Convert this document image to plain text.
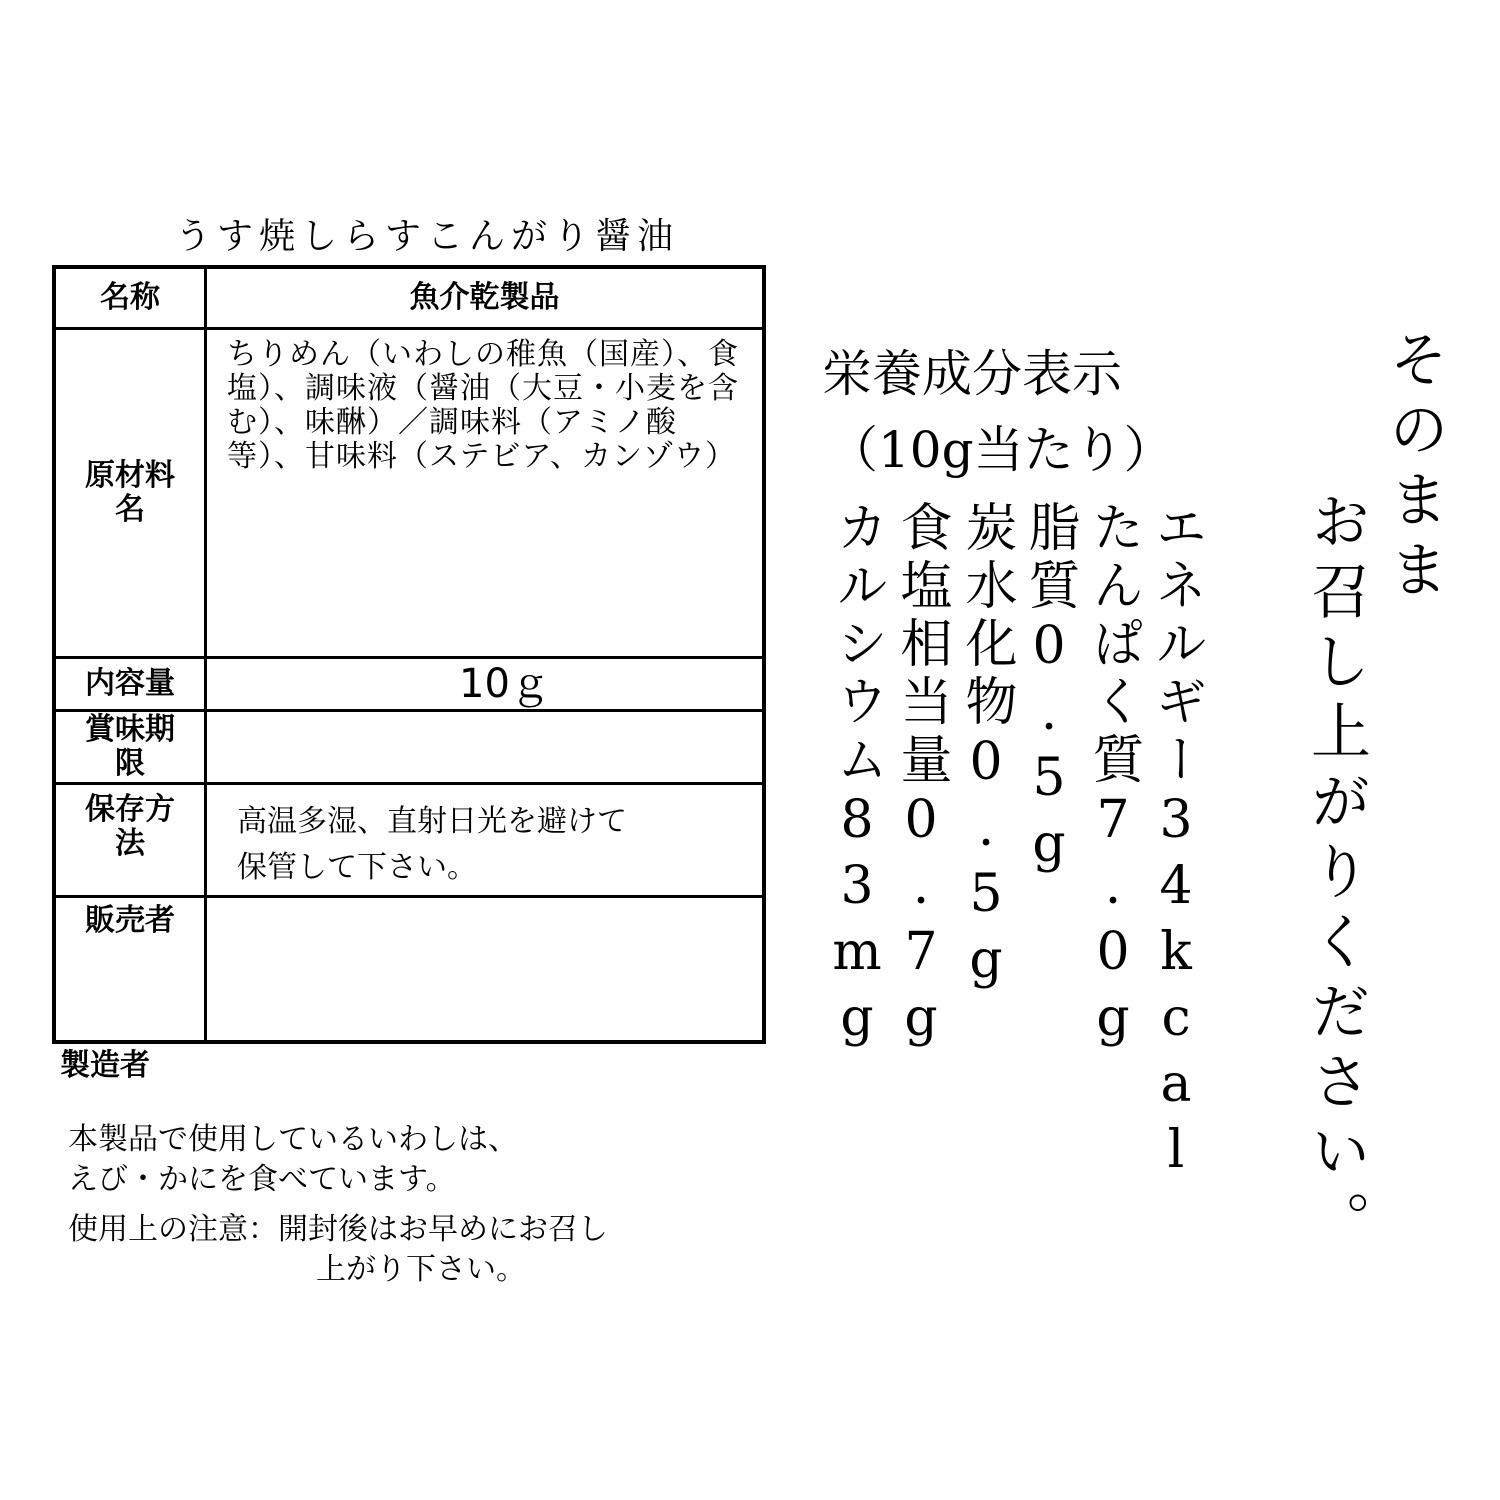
うす焼しらすこんがり醤油
名称	魚介乾製品
原材料名	ちりめん（いわしの稚魚（国産）、食塩）、調味液（醤油（大豆・小麦を含む）、味醂）／調味料（アミノ酸等）、甘味料（ステビア、カンゾウ）
内容量	10ｇ
賞味期限	
保存方法	高温多湿、直射日光を避けて保管して下さい。
販売者	
製造者
本製品で使用しているいわしは、
えび・かにを食べています。
使用上の注意：開封後はお早めにお召し
上がり下さい。
栄養成分表示
（10g当たり）
エネルギー34kcal
たんぱく質7.0g
脂質0.5g
炭水化物0.5g
食塩相当量0.7g
カルシウム83mg
そのまま
お召し上がりください。
